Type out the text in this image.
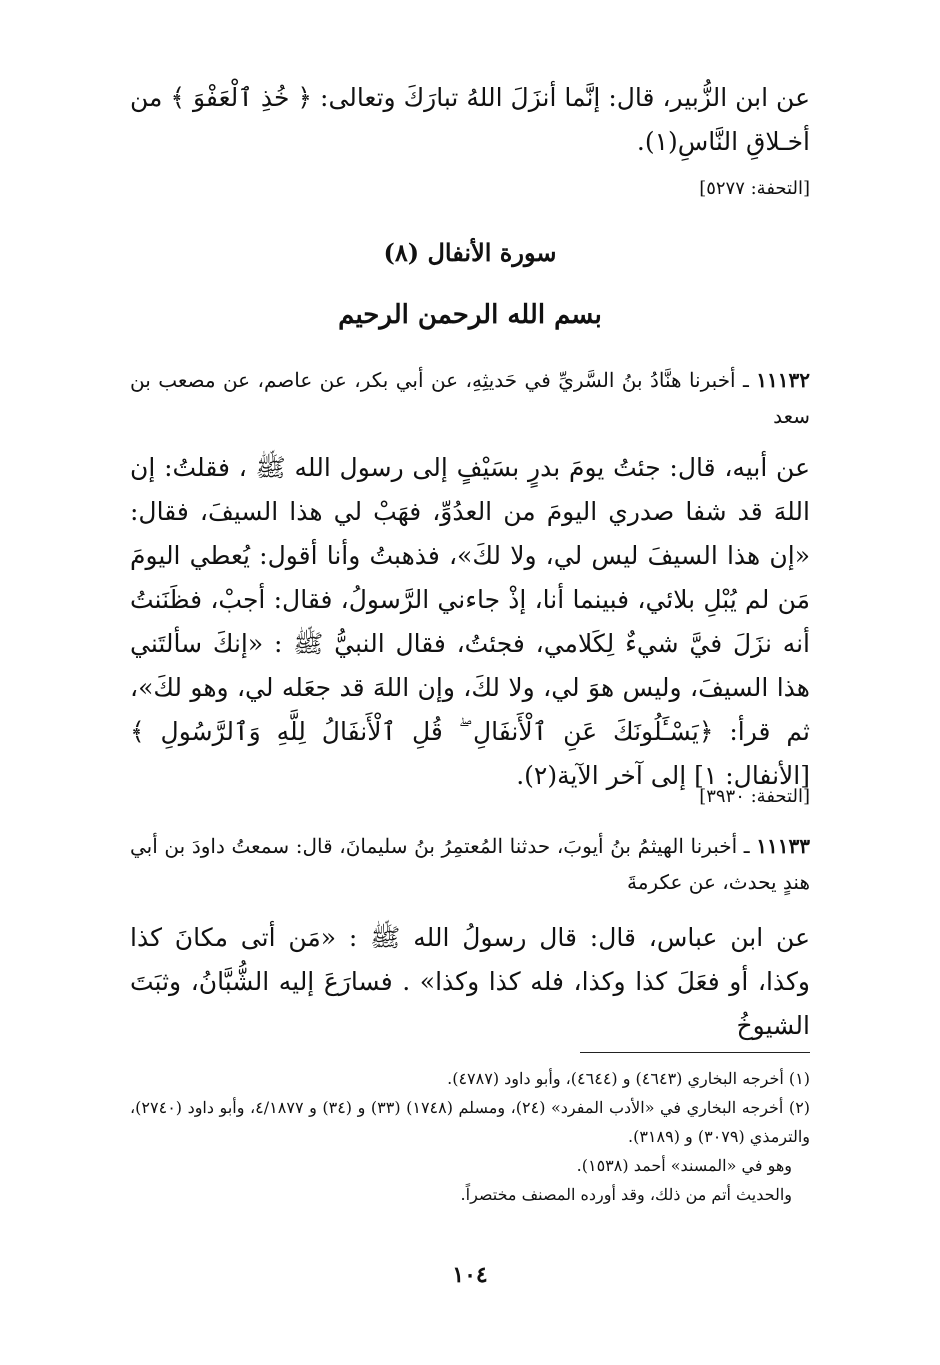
عن ابن الزُّبير، قال: إنَّما أنزَلَ اللهُ تبارَكَ وتعالى: ﴿ خُذِ ٱلْعَفْوَ ﴾ من أخـلاقِ النَّاسِ(١).
[التحفة: ٥٢٧٧]
سورة الأنفال (٨)
بسم الله الرحمن الرحيم
١١١٣٢ ـ أخبرنا هنَّادُ بنُ السَّريِّ في حَديثِهِ، عن أبي بكر، عن عاصم، عن مصعب بن سعد
عن أبيه، قال: جئتُ يومَ بدرٍ بسَيْفٍ إلى رسول الله ﷺ ، فقلتُ: إن اللهَ قد شفا صدري اليومَ من العدُوِّ، فهَبْ لي هذا السيفَ، فقال: «إن هذا السيفَ ليس لي، ولا لكَ»، فذهبتُ وأنا أقول: يُعطي اليومَ مَن لم يُبْلِ بلائي، فبينما أنا، إذْ جاءني الرَّسولُ، فقال: أجبْ، فظَنَنتُ أنه نزَلَ فيَّ شيءٌ لِكَلامي، فجئتُ، فقال النبيُّ ﷺ : «إنكَ سألتَني هذا السيفَ، وليس هوَ لي، ولا لكَ، وإن اللهَ قد جعَله لي، وهو لكَ»، ثم قرأ: ﴿يَسْـَٔلُونَكَ عَنِ ٱلْأَنفَالِ ۖ قُلِ ٱلْأَنفَالُ لِلَّهِ وَٱلرَّسُولِ ﴾ [الأنفال: ١] إلى آخر الآية(٢).
[التحفة: ٣٩٣٠]
١١١٣٣ ـ أخبرنا الهيثمُ بنُ أيوبَ، حدثنا المُعتمِرُ بنُ سليمانَ، قال: سمعتُ داودَ بن أبي هندٍ يحدث، عن عكرمةَ
عن ابن عباس، قال: قال رسولُ الله ﷺ : «مَن أتى مكانَ كذا وكذا، أو فعَلَ كذا وكذا، فله كذا وكذا» . فسارَعَ إليه الشُّبَّانُ، وثبَتَ الشيوخُ
(١) أخرجه البخاري (٤٦٤٣) و (٤٦٤٤)، وأبو داود (٤٧٨٧).
(٢) أخرجه البخاري في «الأدب المفرد» (٢٤)، ومسلم (١٧٤٨) (٣٣) و (٣٤) و ٤/١٨٧٧، وأبو داود (٢٧٤٠)، والترمذي (٣٠٧٩) و (٣١٨٩).
وهو في «المسند» أحمد (١٥٣٨).
والحديث أتم من ذلك، وقد أورده المصنف مختصراً.
١٠٤
